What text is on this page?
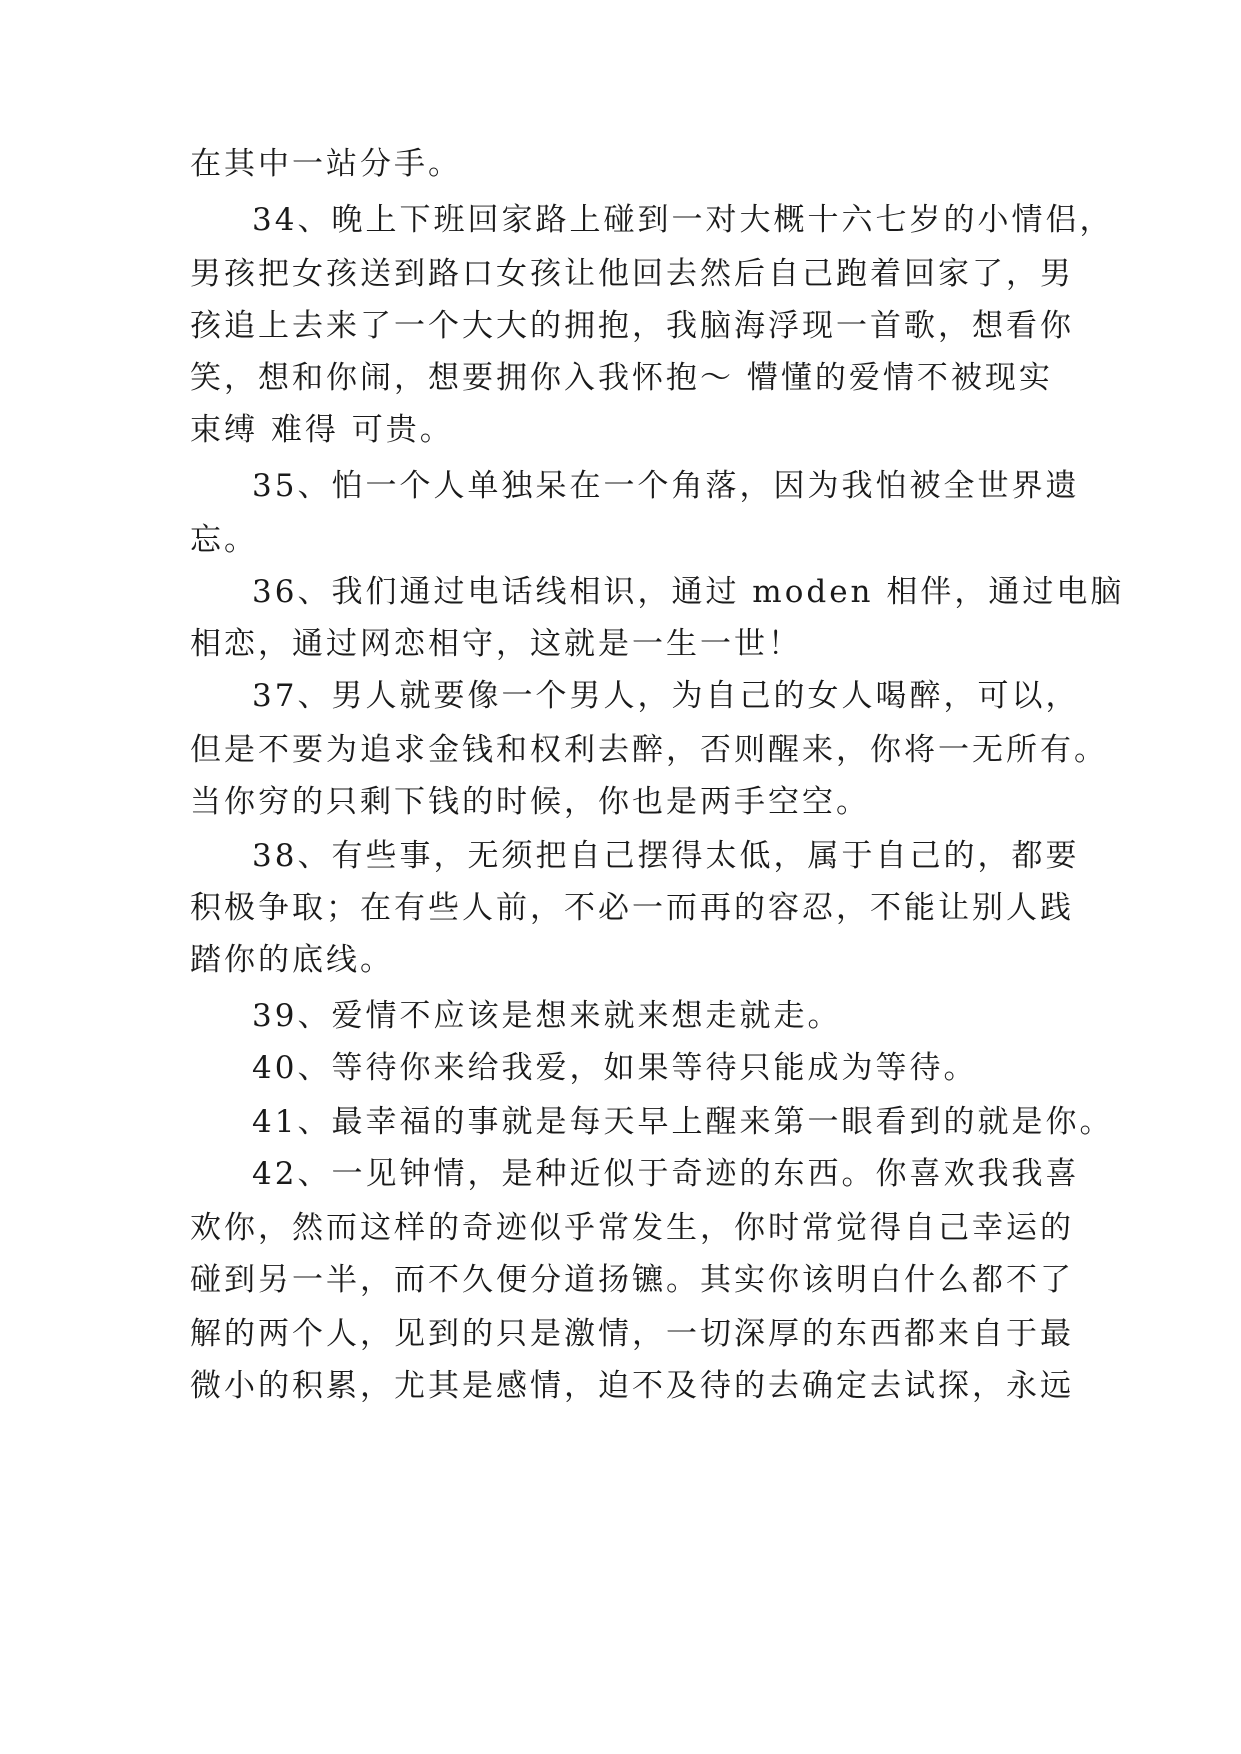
在其中一站分手。
34、晚上下班回家路上碰到一对大概十六七岁的小情侣，
男孩把女孩送到路口女孩让他回去然后自己跑着回家了，男
孩追上去来了一个大大的拥抱，我脑海浮现一首歌，想看你
笑，想和你闹，想要拥你入我怀抱～ 懵懂的爱情不被现实
束缚 难得 可贵。
35、怕一个人单独呆在一个角落，因为我怕被全世界遗
忘。
36、我们通过电话线相识，通过 moden 相伴，通过电脑
相恋，通过网恋相守，这就是一生一世！
37、男人就要像一个男人，为自己的女人喝醉，可以，
但是不要为追求金钱和权利去醉，否则醒来，你将一无所有。
当你穷的只剩下钱的时候，你也是两手空空。
38、有些事，无须把自己摆得太低，属于自己的，都要
积极争取；在有些人前，不必一而再的容忍，不能让别人践
踏你的底线。
39、爱情不应该是想来就来想走就走。
40、等待你来给我爱，如果等待只能成为等待。
41、最幸福的事就是每天早上醒来第一眼看到的就是你。
42、一见钟情，是种近似于奇迹的东西。你喜欢我我喜
欢你，然而这样的奇迹似乎常发生，你时常觉得自己幸运的
碰到另一半，而不久便分道扬镳。其实你该明白什么都不了
解的两个人，见到的只是激情，一切深厚的东西都来自于最
微小的积累，尤其是感情，迫不及待的去确定去试探，永远
